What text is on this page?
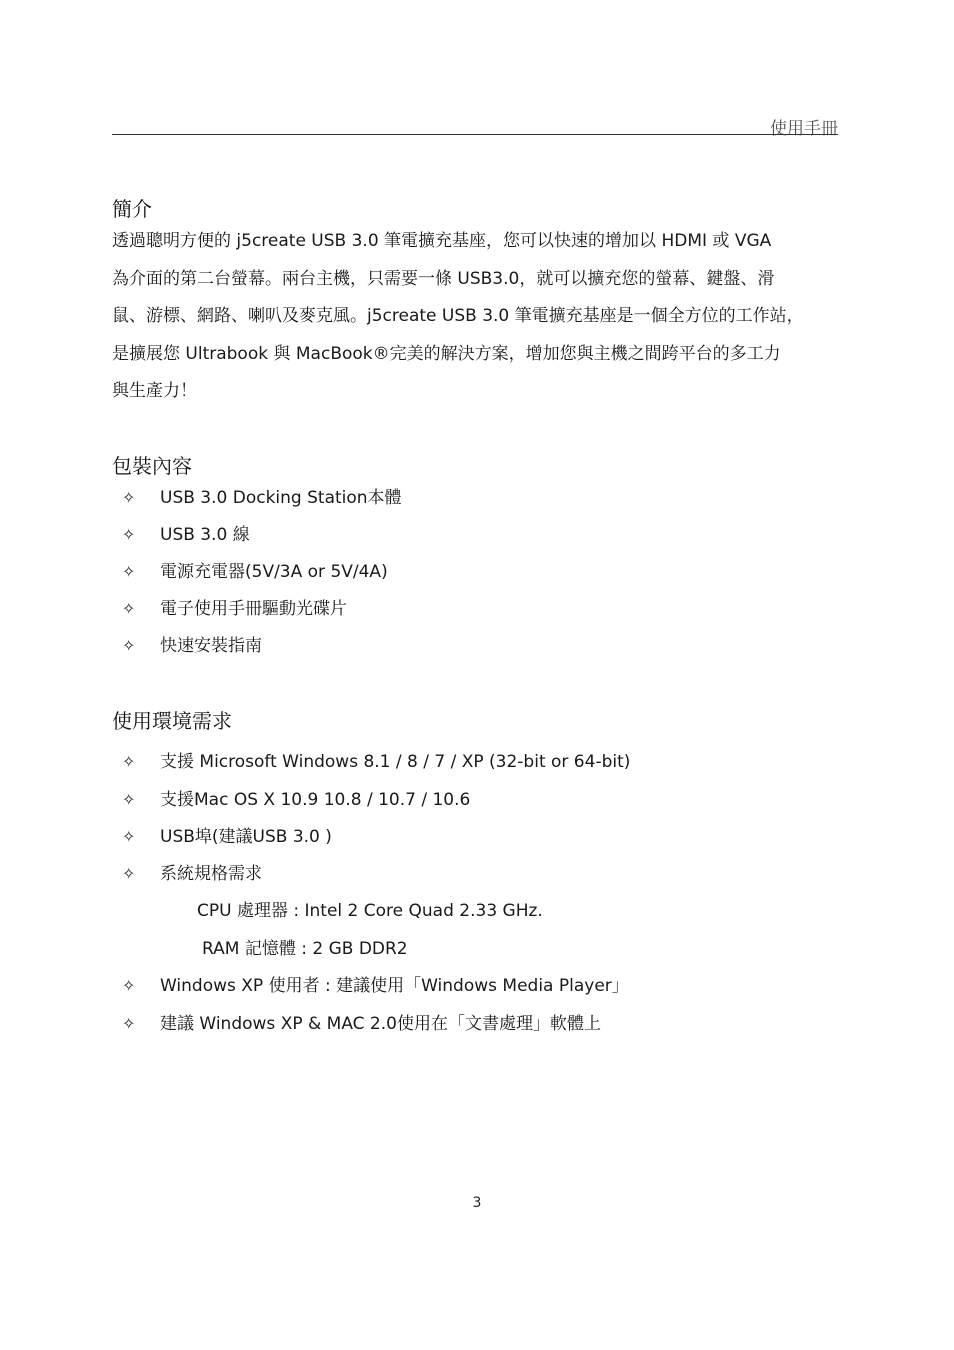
使用手冊
簡介
透過聰明方便的 j5create USB 3.0 筆電擴充基座，您可以快速的增加以 HDMI 或 VGA
為介面的第二台螢幕。兩台主機，只需要一條 USB3.0，就可以擴充您的螢幕、鍵盤、滑
鼠、游標、網路、喇叭及麥克風。j5create USB 3.0 筆電擴充基座是一個全方位的工作站，
是擴展您 Ultrabook 與 MacBook®完美的解決方案，增加您與主機之間跨平台的多工力
與生產力！
包裝內容
✧ USB 3.0 Docking Station本體
✧ USB 3.0 線
✧ 電源充電器(5V/3A or 5V/4A)
✧ 電子使用手冊驅動光碟片
✧ 快速安裝指南
使用環境需求
✧ 支援 Microsoft Windows 8.1 / 8 / 7 / XP (32-bit or 64-bit)
✧ 支援Mac OS X 10.9 10.8 / 10.7 / 10.6
✧ USB埠(建議USB 3.0 )
✧ 系統規格需求
CPU 處理器 : Intel 2 Core Quad 2.33 GHz.
RAM 記憶體 : 2 GB DDR2
✧ Windows XP 使用者 : 建議使用「Windows Media Player」
✧ 建議 Windows XP & MAC 2.0使用在「文書處理」軟體上
3
